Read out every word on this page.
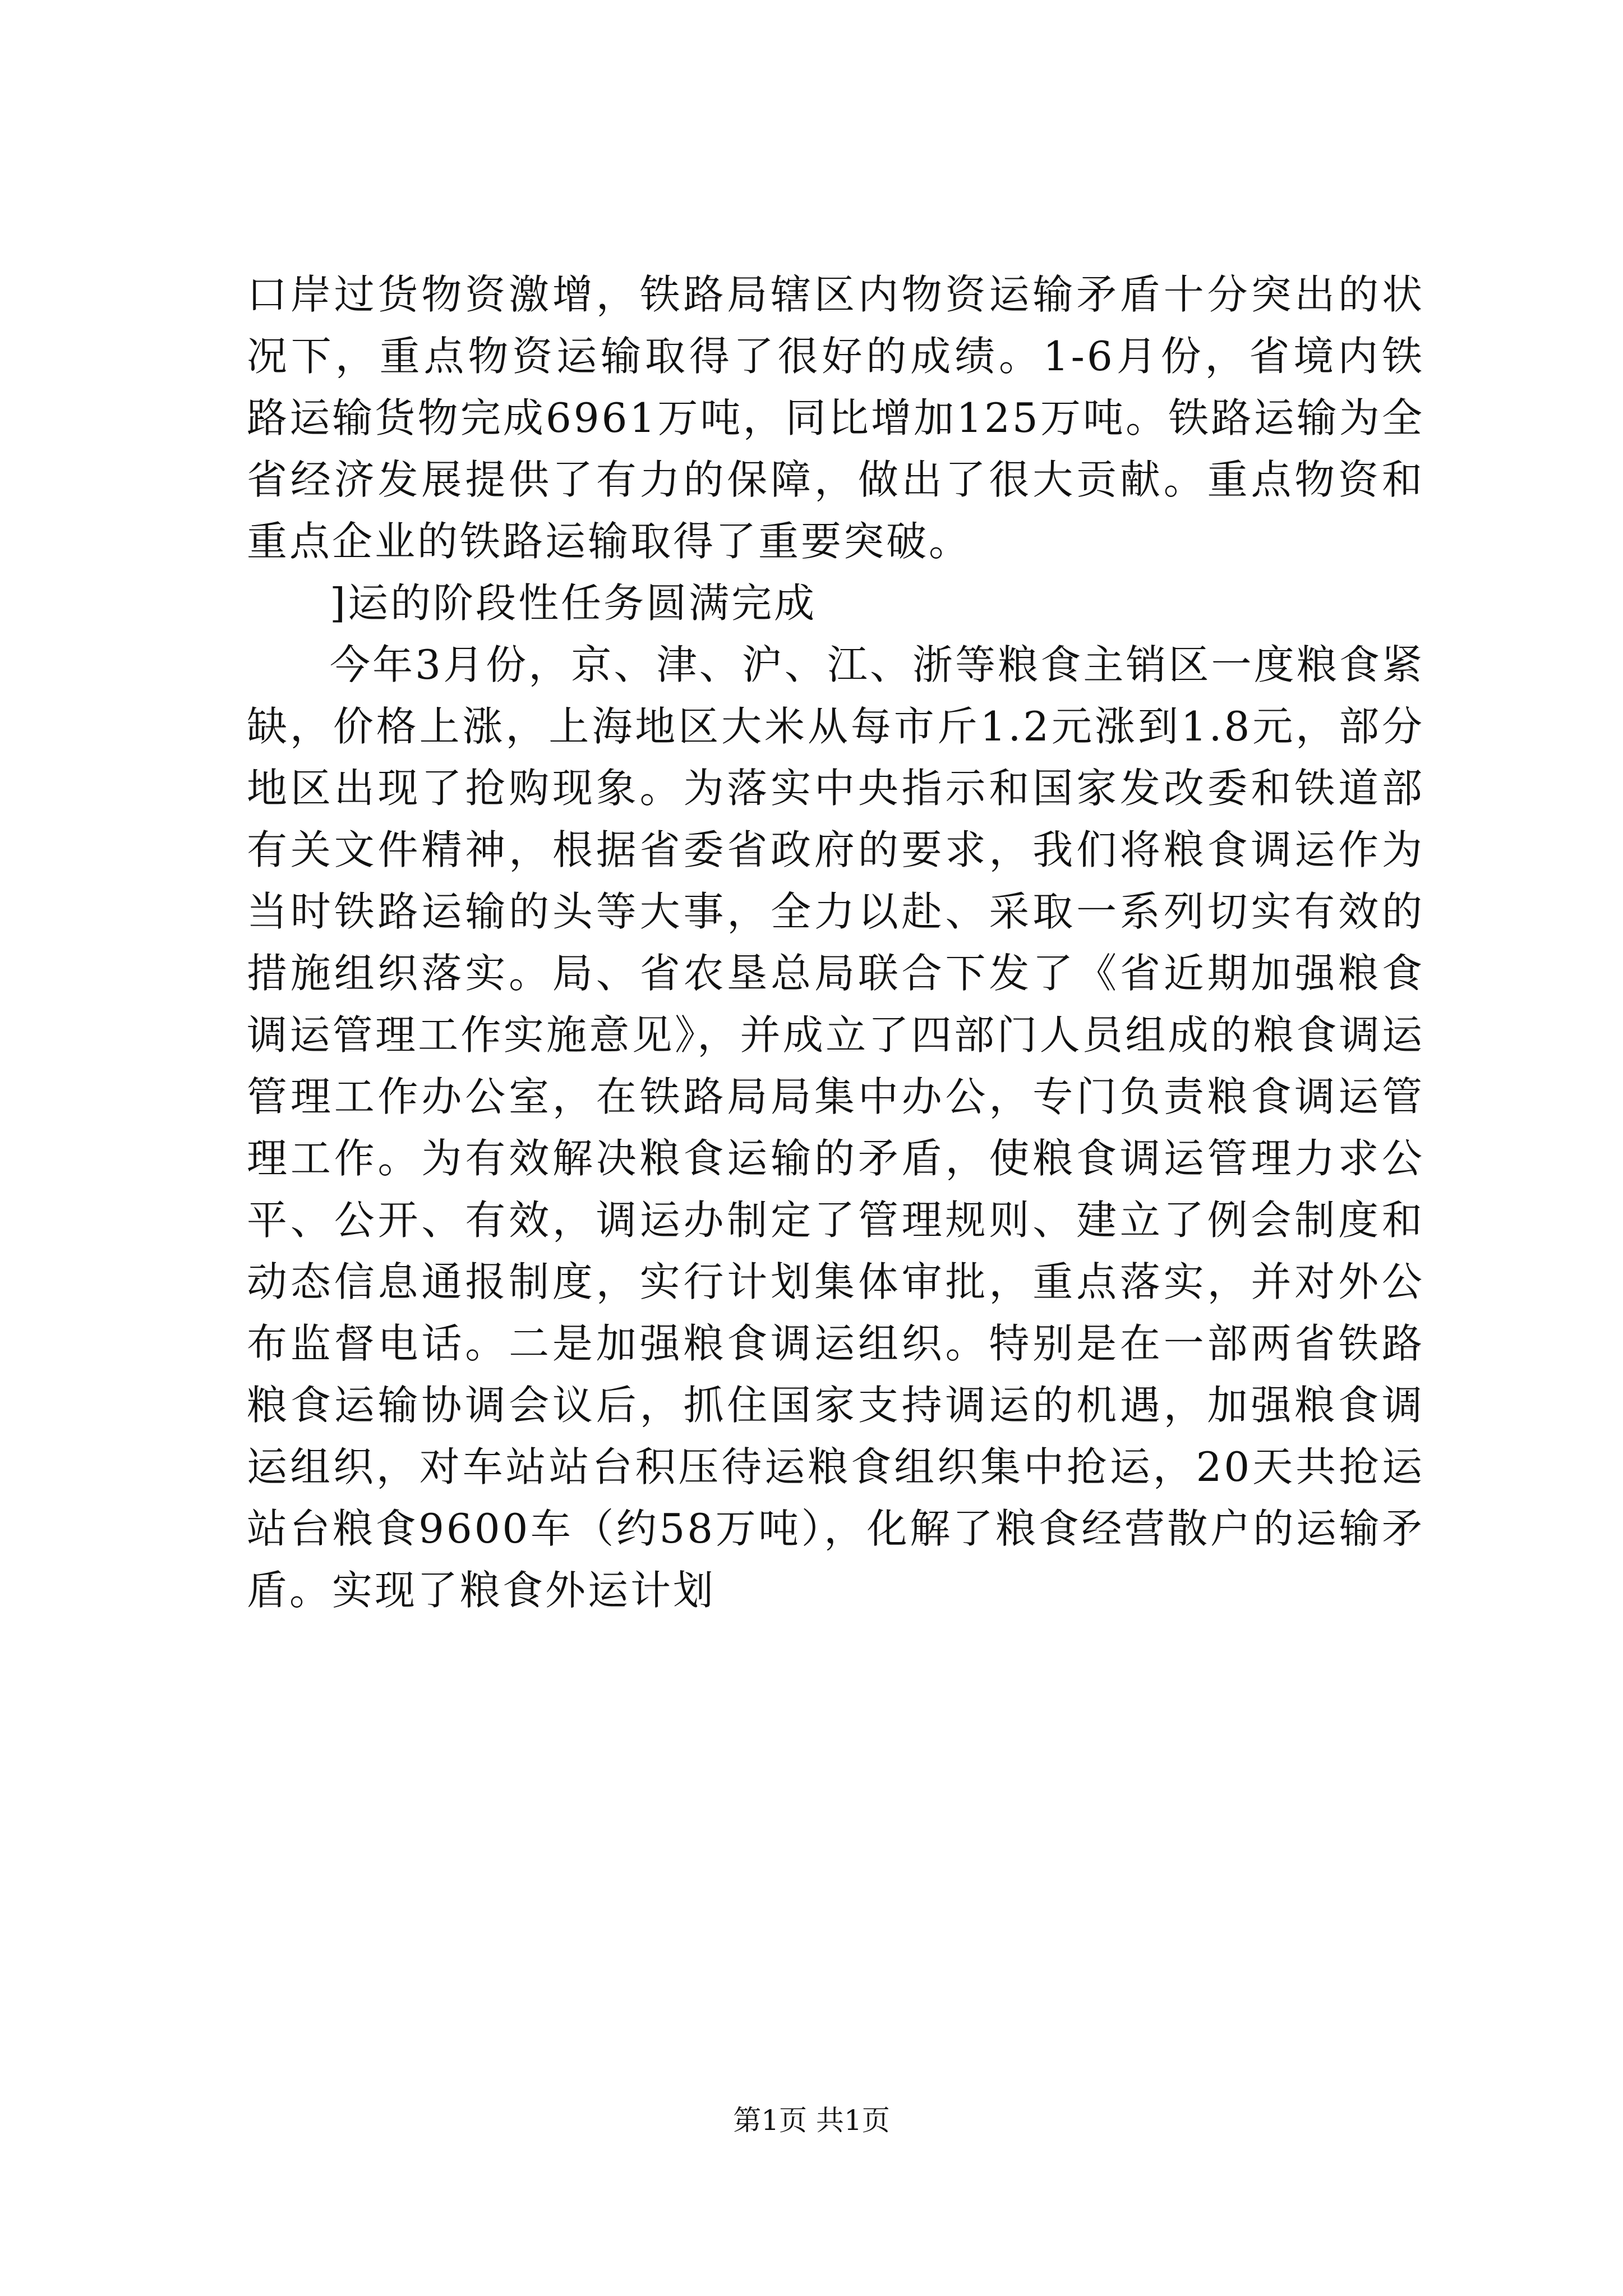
口岸过货物资激增，铁路局辖区内物资运输矛盾十分突出的状况下，重点物资运输取得了很好的成绩。1-6月份，省境内铁路运输货物完成6961万吨，同比增加125万吨。铁路运输为全省经济发展提供了有力的保障，做出了很大贡献。重点物资和重点企业的铁路运输取得了重要突破。

]运的阶段性任务圆满完成

今年3月份，京、津、沪、江、浙等粮食主销区一度粮食紧缺，价格上涨，上海地区大米从每市斤1.2元涨到1.8元，部分地区出现了抢购现象。为落实中央指示和国家发改委和铁道部有关文件精神，根据省委省政府的要求，我们将粮食调运作为当时铁路运输的头等大事，全力以赴、采取一系列切实有效的措施组织落实。局、省农垦总局联合下发了《省近期加强粮食调运管理工作实施意见》，并成立了四部门人员组成的粮食调运管理工作办公室，在铁路局局集中办公，专门负责粮食调运管理工作。为有效解决粮食运输的矛盾，使粮食调运管理力求公平、公开、有效，调运办制定了管理规则、建立了例会制度和动态信息通报制度，实行计划集体审批，重点落实，并对外公布监督电话。二是加强粮食调运组织。特别是在一部两省铁路粮食运输协调会议后，抓住国家支持调运的机遇，加强粮食调运组织，对车站站台积压待运粮食组织集中抢运，20天共抢运站台粮食9600车（约58万吨），化解了粮食经营散户的运输矛盾。实现了粮食外运计划

第1页 共1页
